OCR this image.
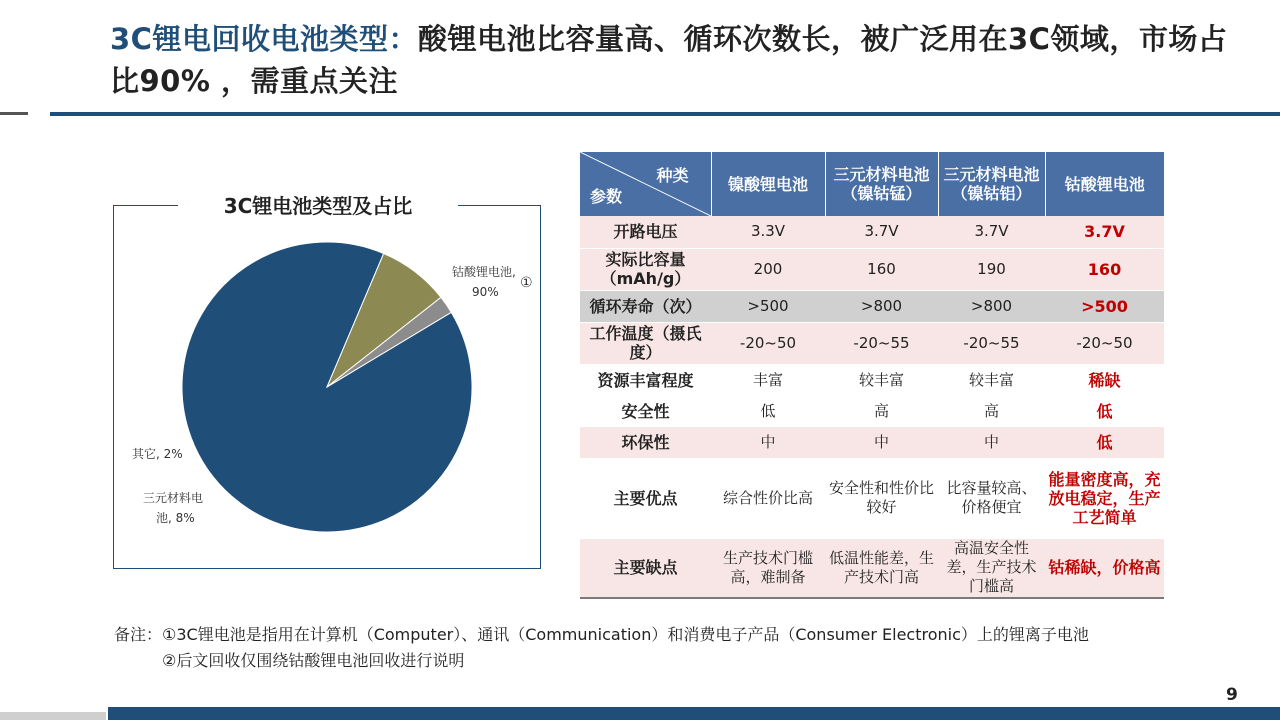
3C锂电回收电池类型：酸锂电池比容量高、循环次数长，被广泛用在3C领域，市场占比90% ，需重点关注
3C锂电池类型及占比
钴酸锂电池,
90%
①
三元材料电
池, 8%
其它, 2%
种类
参数	镍酸锂电池	三元材料电池（镍钴锰）	三元材料电池（镍钴铝）	钴酸锂电池
开路电压	3.3V	3.7V	3.7V	3.7V
实际比容量（mAh/g）	200	160	190	160
循环寿命（次）	>500	>800	>800	>500
工作温度（摄氏度）	-20~50	-20~55	-20~55	-20~50
资源丰富程度	丰富	较丰富	较丰富	稀缺
安全性	低	高	高	低
环保性	中	中	中	低
主要优点	综合性价比高	安全性和性价比较好	比容量较高、价格便宜	能量密度高，充放电稳定，生产工艺简单
主要缺点	生产技术门槛高，难制备	低温性能差，生产技术门高	高温安全性差，生产技术门槛高	钴稀缺，价格高
备注：①3C锂电池是指用在计算机（Computer）、通讯（Communication）和消费电子产品（Consumer Electronic）上的锂离子电池
②后文回收仅围绕钴酸锂电池回收进行说明
9
